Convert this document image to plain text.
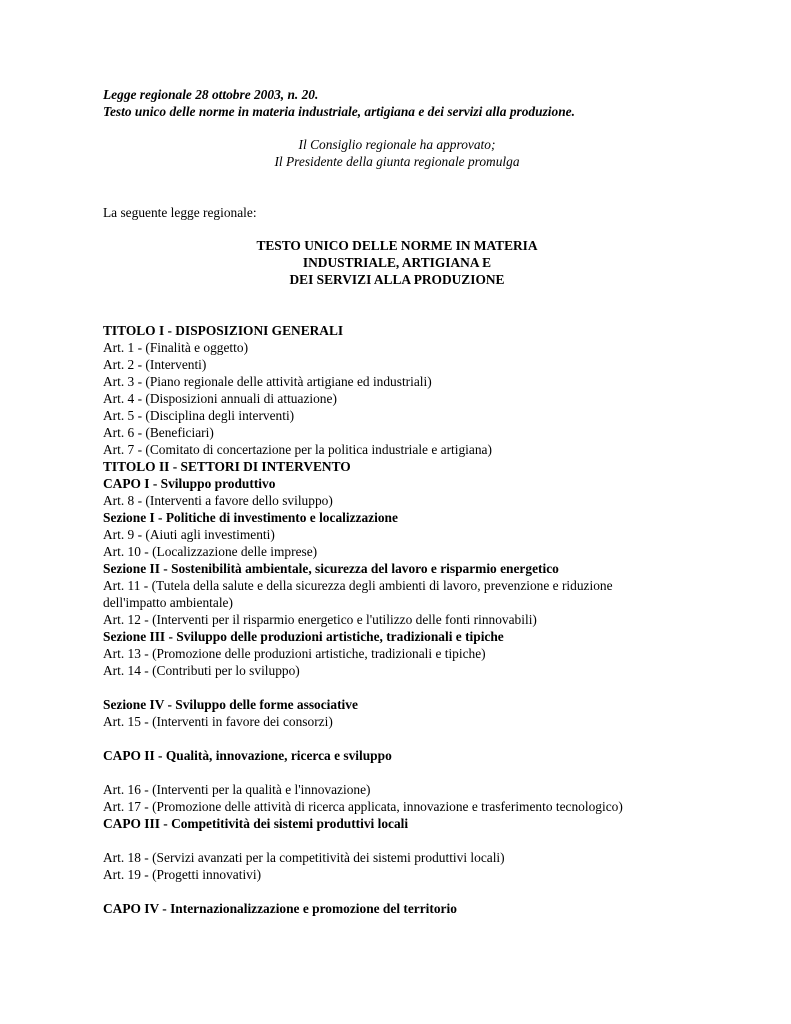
Legge regionale 28 ottobre 2003, n. 20.
Testo unico delle norme in materia industriale, artigiana e dei servizi alla produzione.
Il Consiglio regionale ha approvato;
Il Presidente della giunta regionale promulga
La seguente legge regionale:
TESTO UNICO DELLE NORME IN MATERIA
INDUSTRIALE, ARTIGIANA E
DEI SERVIZI ALLA PRODUZIONE
TITOLO I - DISPOSIZIONI GENERALI
Art. 1 - (Finalità e oggetto)
Art. 2 - (Interventi)
Art. 3 - (Piano regionale delle attività artigiane ed industriali)
Art. 4 - (Disposizioni annuali di attuazione)
Art. 5 - (Disciplina degli interventi)
Art. 6 - (Beneficiari)
Art. 7 - (Comitato di concertazione per la politica industriale e artigiana)
TITOLO II - SETTORI DI INTERVENTO
CAPO I - Sviluppo produttivo
Art. 8 - (Interventi a favore dello sviluppo)
Sezione I - Politiche di investimento e localizzazione
Art. 9 - (Aiuti agli investimenti)
Art. 10 - (Localizzazione delle imprese)
Sezione II - Sostenibilità ambientale, sicurezza del lavoro e risparmio energetico
Art. 11 - (Tutela della salute e della sicurezza degli ambienti di lavoro, prevenzione e riduzione dell'impatto ambientale)
Art. 12 - (Interventi per il risparmio energetico e l'utilizzo delle fonti rinnovabili)
Sezione III - Sviluppo delle produzioni artistiche, tradizionali e tipiche
Art. 13 - (Promozione delle produzioni artistiche, tradizionali e tipiche)
Art. 14 - (Contributi per lo sviluppo)
Sezione IV - Sviluppo delle forme associative
Art. 15 - (Interventi in favore dei consorzi)
CAPO II - Qualità, innovazione, ricerca e sviluppo
Art. 16 - (Interventi per la qualità e l'innovazione)
Art. 17 - (Promozione delle attività di ricerca applicata, innovazione e trasferimento tecnologico)
CAPO III - Competitività dei sistemi produttivi locali
Art. 18 - (Servizi avanzati per la competitività dei sistemi produttivi locali)
Art. 19 - (Progetti innovativi)
CAPO IV - Internazionalizzazione e promozione del territorio
